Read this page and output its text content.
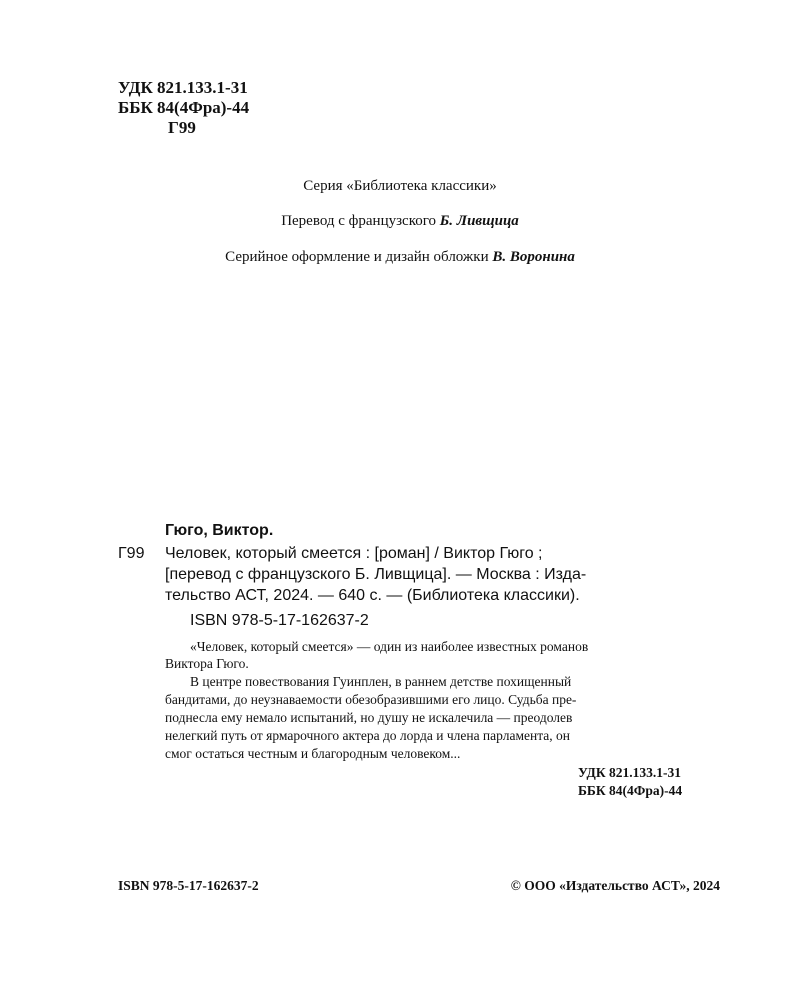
УДК 821.133.1-31
ББК 84(4Фра)-44
Г99
Серия «Библиотека классики»
Перевод с французского Б. Ливщица
Серийное оформление и дизайн обложки В. Воронина
Гюго, Виктор.
Г99 Человек, который смеется : [роман] / Виктор Гюго ;
[перевод с французского Б. Ливщица]. — Москва : Изда-
тельство АСТ, 2024. — 640 с. — (Библиотека классики).
ISBN 978-5-17-162637-2
«Человек, который смеется» — один из наиболее известных романов
Виктора Гюго.
В центре повествования Гуинплен, в раннем детстве похищенный
бандитами, до неузнаваемости обезобразившими его лицо. Судьба пре-
поднесла ему немало испытаний, но душу не искалечила — преодолев
нелегкий путь от ярмарочного актера до лорда и члена парламента, он
смог остаться честным и благородным человеком...
УДК 821.133.1-31
ББК 84(4Фра)-44
ISBN 978-5-17-162637-2	© ООО «Издательство АСТ», 2024
